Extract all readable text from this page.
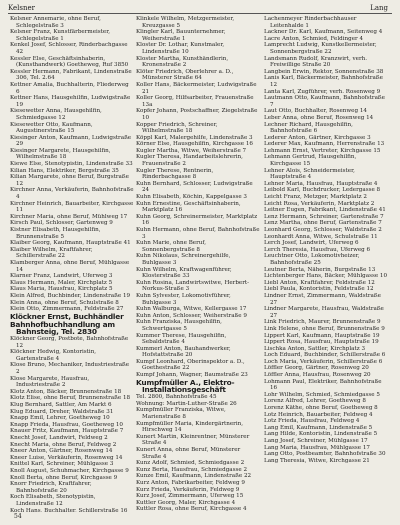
Kelsner	Lang
Kelsner Annemarie, ohne Beruf, Schlegelstraße 3
Kelsner Franz, Kunstfärbermeister, Schlegelstraße 1
Kenkel Josef, Schlosser, Rinderbachgasse 42
Kessler Else, Geschäftsinhaberin, (Kunsthandwerk) Goetheweg, Ruf 3850
Kessler Hermann, Fabrikant, Lindenstraße 306, Tel. 2.64
Kettner Amalia, Buchhalterin, Fliederweg 6
Kettner Hans, Hausgehilfin, Ludwigstraße 19
Kiesewetter Anna, Hausgehilfin, Schmiedgasse 12
Kiesewetter Otto, Kaufmann, Augustinerstraße 15
Kiesinger Anton, Kaufmann, Ludwigstraße 29
Kiesinger Margarete, Hausgehilfin, Wilhelmstraße 18
Kiewe Else, Stenotypistin, Lindenstraße 33
Kilian Hans, Elektriker, Bergstraße 35
Kilian Margarete, ohne Beruf, Burgstraße 12
Kirchner Anna, Verkäuferin, Bahnhofstraße 4
Kirchner Heinrich, Bauarbeiter, Kirchgasse 11
Kirchner Maria, ohne Beruf, Mühlweg 17
Kirsch Paul, Schlosser, Gartenweg 9
Kistner Elisabeth, Hausgehilfin, Brunnenstraße 5
Klaiber Georg, Kaufmann, Hauptstraße 41
Klaiber Wilhelm, Kraftfahrer, Schillerstraße 22
Klamberger Anna, ohne Beruf, Mühlgasse 14
Klarner Franz, Landwirt, Uferweg 3
Klaus Hermann, Maler, Kirchplatz 5
Klaus Maria, Hausfrau, Kirchplatz 5
Klein Alfred, Buchbinder, Lindenstraße 19
Klein Anna, ohne Beruf, Schulstraße 8
Klein Otto, Zimmermann, Feldstraße 27
Klöckner Ernst, Buchhändler
Bahnhofbuchhandlung am Bahnsteig, Tel. 2830
Klöckner Georg, Postbote, Bahnhofstraße 12
Klöckner Hedwig, Kontoristin, Gartenstraße 4
Klose Bruno, Mechaniker, Industriestraße 2
Klose Margarete, Hausfrau, Industriestraße 2
Klotz Anton, Bäcker, Brunnenstraße 18
Klotz Elise, ohne Beruf, Brunnenstraße 18
Klug Bernhard, Sattler, Am Markt 6
Klug Eduard, Dreher, Waldstraße 31
Knapp Emil, Lehrer, Goetheweg 10
Knapp Frieda, Hausfrau, Goetheweg 10
Knauer Fritz, Kaufmann, Hauptstraße 7
Knecht Josef, Landwirt, Feldweg 2
Knecht Maria, ohne Beruf, Feldweg 2
Kneer Anton, Gärtner, Rosenweg 14
Kneer Luise, Verkäuferin, Rosenweg 14
Knittel Karl, Schreiner, Mühlgasse 3
Knoll August, Schuhmacher, Kirchgasse 9
Knoll Berta, ohne Beruf, Kirchgasse 9
Knorr Friedrich, Kraftfahrer, Bahnhofstraße 20
Koch Elisabeth, Stenotypistin, Lindenstraße 12
Koch Hans, Buchhalter, Schillerstraße 16
Klinkele Wilhelm, Metzgermeister, Kreuzgasse 5
Klingler Karl, Bauunternehmer, Weiherstraße 1
Kloster Dr. Lothar, Kunstmaler, Lindenstraße 10
Kloster Martha, Kunsthändlerin, Kronenstraße 2
Klöter Friedrich, Oberlehrer a. D., Münsterer Straße 64
Koller Hans, Bäckermeister, Ludwigstraße 21
Koller Georg, Hilfsarbeiter, Frauenstraße 13a
Kopfer Johann, Postschaffner, Ziegelstraße 10
Kopper Friedrich, Schreiner, Wilhelmstraße 18
Köppl Karl, Malergehilfe, Lindenstraße 3
Körner Else, Hausgehilfin, Kirchgasse 16
Kugler Martha, Witwe, Weiherstraße 7
Kugler Theresa, Handarbeitslehrerin, Frauenstraße 2
Kugler Therese, Rentnerin, Rinderbachgasse 8
Kuhn Bernhard, Schlosser, Ludwigstraße 24
Kuhn Elisabeth, Köchin, Kappelgasse 3
Kuhn Ernestine, Geschäftsinhaberin, Marktplatz 16
Kuhn Georg, Schreinermeister, Marktplatz 16
Kuhn Hermann, ohne Beruf, Bahnhofstraße 3
Kuhn Marie, ohne Beruf, Sonnenbergstraße 8
Kuhn Nikolaus, Schreinergehilfe, Buhlgasse 3
Kuhn Wilhelm, Kraftwagenführer, Klosterstraße 33
Kuhn Rosina, Landwirtswitwe, Herbert-Norkus-Straße 3
Kuhn Sylvester, Lokomotivführer, Buhlgasse 3
Kuhn Walburga, Witwe, Kellergasse 17
Kuhn Anton, Schlosser, Weiherstraße 9
Kuhn Franziska, Hausgehilfin, Schwertgasse 5
Kummer Therese, Hausgehilfin, Sebaldstraße 4
Kummerl Anton, Bauhandwerker, Hofstattstraße 20
Kumpf Leonhard, Oberinspektor a. D., Goethestraße 22
Kumpf Johann, Wagner, Baumstraße 23
Kumpfmüller A., Elektro-Installationsgeschäft
Tel. 2800, Bahnhofstraße 45
Wohnung: Martin-Luther-Straße 26
Kumpfmüller Franziska, Witwe, Marienstraße 8
Kumpfmüller Maria, Kindergärtnerin, Hirschweg 14
Kunert Martin, Kleinrentner, Münsterer Straße 4
Kunert Anna, ohne Beruf, Münsterer Straße 4
Kunz Adolf, Schmied, Schmiedgasse 2
Kunz Berta, Hausfrau, Schmiedgasse 2
Kunze Emil, Kaufmann, Lindenstraße 22
Kurz Anton, Fabrikarbeiter, Feldweg 9
Kurz Frieda, Verkäuferin, Feldweg 9
Kurz Josef, Zimmermann, Uferweg 15
Kuttler Georg, Maler, Kirchgasse 4
Kuttler Rosa, ohne Beruf, Kirchgasse 4
Lachenmeyer Rinderbachhauser Leitenhalde 1
Lackner Dr. Karl, Kaufmann, Seitenweg 4
Lacre Anton, Schmied, Feldinger 4
Lamprecht Ludwig, Kunstkellermeister, Sonnenbergstraße 22
Landsmann Rudolf, Kranzwirt, verh. Freiwillige Straße 20
Langbein Erwin, Rektor, Sonnenstraße 38
Lanis Karl, Bäckermeister, Bahnhofstraße 12
Lanta Karl, Zugführer, verh. Rosenweg 9
Lautmann Otto, Kaufmann, Bahnhofstraße 7
Laut Otto, Buchhalter, Rosenweg 14
Leber Anna, ohne Beruf, Rosenweg 14
Lechner Richard, Hausgehilfin, Bahnhofstraße 6
Lederer Anton, Gärtner, Kirchgasse 3
Lederer Max, Kaufmann, Herrenstraße 13
Lehmann Ernst, Vertreter, Kirchgasse 15
Lehmann Gertrud, Hausgehilfin, Kirchgasse 15
Lehner Alois, Schneidermeister, Hauptstraße 4
Lehner Maria, Hausfrau, Hauptstraße 4
Leibold Karl, Buchdrucker, Ledergasse 8
Leicht Franz, Metzger, Marktplatz 2
Leicht Rosa, Verkäuferin, Marktplatz 2
Leitner Eugen, Fabrikant, Lindenstraße 41
Lenz Hermann, Schreiner, Gartenstraße 7
Lenz Martha, ohne Beruf, Gartenstraße 7
Leonhard Georg, Schlosser, Waldstraße 2
Leonhardt Anna, Witwe, Schulstraße 11
Lerch Josef, Landwirt, Uferweg 6
Lerch Theresia, Hausfrau, Uferweg 6
Leuchtner Otto, Lokomotivheizer, Bahnhofstraße 25
Leutner Berta, Näherin, Burgstraße 13
Lichtenberger Hans, Bäcker, Mühlgasse 10
Liebl Anton, Kraftfahrer, Feldstraße 12
Liebl Paula, Kontoristin, Feldstraße 12
Lindner Ernst, Zimmermann, Waldstraße 27
Lindner Margarete, Hausfrau, Waldstraße 27
Link Friedrich, Maurer, Brunnenstraße 9
Link Helene, ohne Beruf, Brunnenstraße 9
Lippert Karl, Kaufmann, Hauptstraße 19
Lippert Rosa, Hausfrau, Hauptstraße 19
Lischka Anton, Sattler, Kirchplatz 3
Loch Eduard, Buchbinder, Schillerstraße 6
Loch Maria, Verkäuferin, Schillerstraße 6
Löffler Georg, Gärtner, Rosenweg 20
Löffler Anna, Hausfrau, Rosenweg 20
Lohmann Paul, Elektriker, Bahnhofstraße 16
Lohr Wilhelm, Schmied, Schmiedgasse 5
Lorenz Alfred, Lehrer, Goetheweg 8
Lorenz Käthe, ohne Beruf, Goetheweg 8
Lotz Heinrich, Bauarbeiter, Feldweg 4
Lotz Frieda, Hausfrau, Feldweg 4
Lang Emil, Kaufmann, Lindenstraße 5
Lang Hilde, Kontoristin, Lindenstraße 5
Lang Josef, Schreiner, Mühlgasse 17
Lang Maria, Hausfrau, Mühlgasse 17
Lang Otto, Postbeamter, Bahnhofstraße 30
Lang Theresia, Witwe, Kirchgasse 21
54
